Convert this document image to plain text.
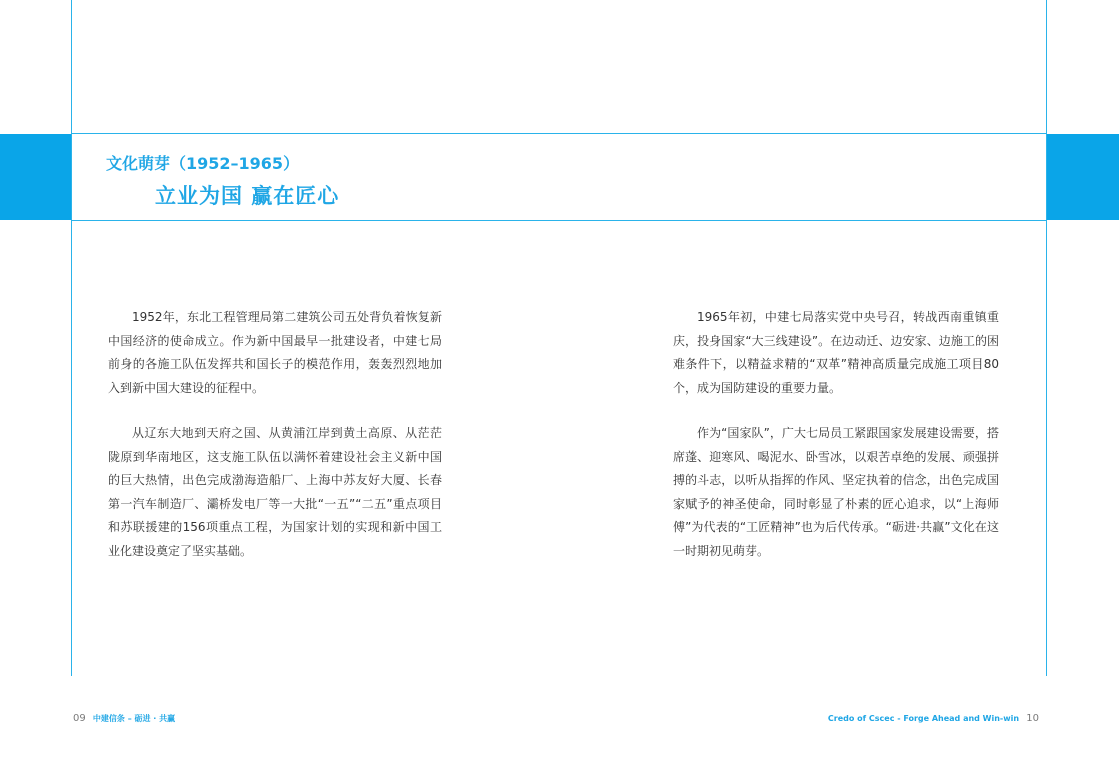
文化萌芽（1952–1965）
立业为国 赢在匠心

1952年，东北工程管理局第二建筑公司五处背负着恢复新中国经济的使命成立。作为新中国最早一批建设者，中建七局前身的各施工队伍发挥共和国长子的模范作用，轰轰烈烈地加入到新中国大建设的征程中。

从辽东大地到天府之国、从黄浦江岸到黄土高原、从茫茫陇原到华南地区，这支施工队伍以满怀着建设社会主义新中国的巨大热情，出色完成渤海造船厂、上海中苏友好大厦、长春第一汽车制造厂、灞桥发电厂等一大批“一五”“二五”重点项目和苏联援建的156项重点工程，为国家计划的实现和新中国工业化建设奠定了坚实基础。

1965年初，中建七局落实党中央号召，转战西南重镇重庆，投身国家“大三线建设”。在边动迁、边安家、边施工的困难条件下，以精益求精的“双革”精神高质量完成施工项目80个，成为国防建设的重要力量。

作为“国家队”，广大七局员工紧跟国家发展建设需要，搭席蓬、迎寒风、喝泥水、卧雪冰，以艰苦卓绝的发展、顽强拼搏的斗志，以听从指挥的作风、坚定执着的信念，出色完成国家赋予的神圣使命，同时彰显了朴素的匠心追求，以“上海师傅”为代表的“工匠精神”也为后代传承。“砺进·共赢”文化在这一时期初见萌芽。

09 中建信条 – 砺进 · 共赢	Credo of Cscec - Forge Ahead and Win-win 10
